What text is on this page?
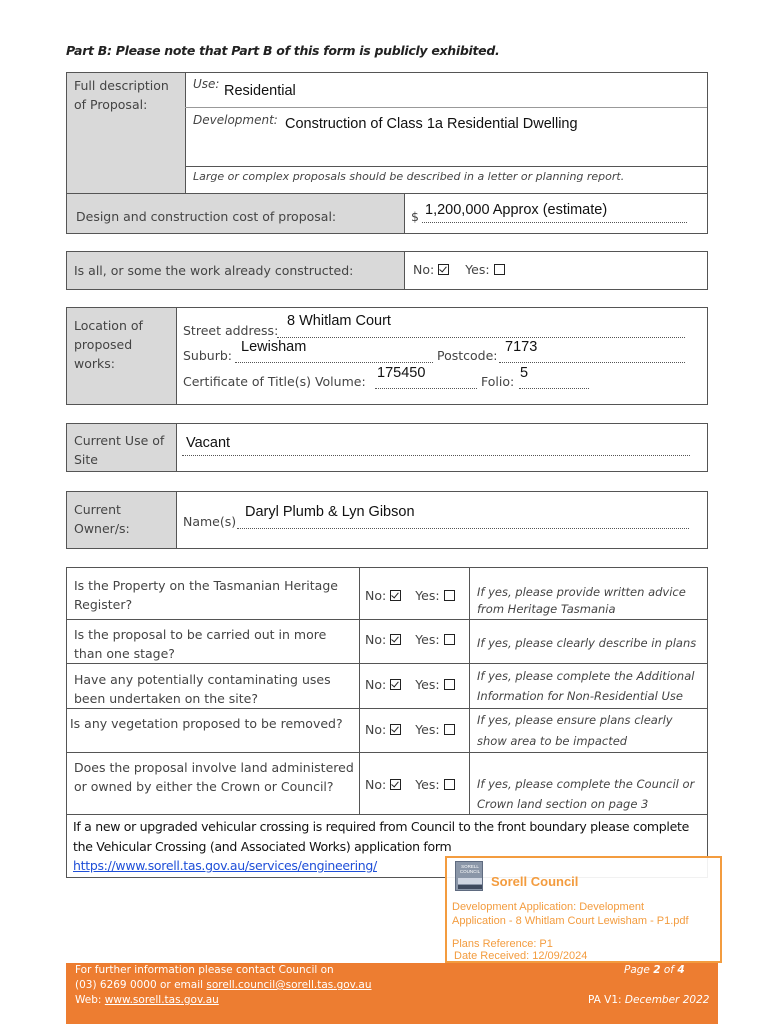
Part B: Please note that Part B of this form is publicly exhibited.
Full description of Proposal:
Use: Residential
Development: Construction of Class 1a Residential Dwelling
Large or complex proposals should be described in a letter or planning report.
Design and construction cost of proposal:	$ 1,200,000 Approx (estimate)
Is all, or some the work already constructed:	No: Yes:
Location of proposed works:
Street address:
8 Whitlam Court
Suburb:
Lewisham
Postcode:
7173
Certificate of Title(s) Volume:
175450
Folio:
5
Current Use of Site
Vacant
Current Owner/s:	Name(s)
Daryl Plumb & Lyn Gibson
Is the Property on the Tasmanian Heritage Register?
No: Yes:	If yes, please provide written advice from Heritage Tasmania
Is the proposal to be carried out in more than one stage?
No: Yes:	If yes, please clearly describe in plans
Have any potentially contaminating uses been undertaken on the site?
No: Yes:
If yes, please complete the Additional Information for Non-Residential Use
Is any vegetation proposed to be removed?	No: Yes:
If yes, please ensure plans clearly show area to be impacted
Does the proposal involve land administered or owned by either the Crown or Council?	No: Yes:	If yes, please complete the Council or Crown land section on page 3
If a new or upgraded vehicular crossing is required from Council to the front boundary please complete the Vehicular Crossing (and Associated Works) application form
https://www.sorell.tas.gov.au/services/engineering/	SORELL COUNCIL
Sorell Council
Development Application: Development
Application - 8 Whitlam Court Lewisham - P1.pdf
Plans Reference: P1
Date Received: 12/09/2024
For further information please contact Council on
(03) 6269 0000 or email sorell.council@sorell.tas.gov.au
Web: www.sorell.tas.gov.au
Page 2 of 4
PA V1: December 2022
